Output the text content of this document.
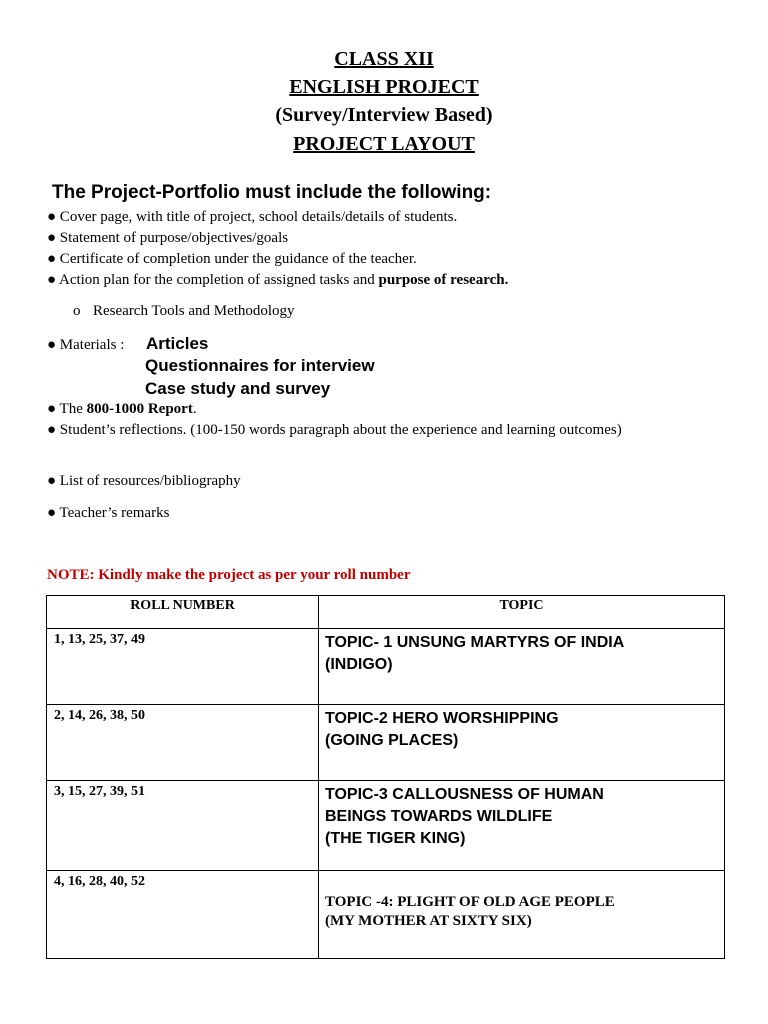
CLASS XII
ENGLISH PROJECT
(Survey/Interview Based)
PROJECT LAYOUT
The Project-Portfolio must include the following:
● Cover page, with title of project, school details/details of students.
● Statement of purpose/objectives/goals
● Certificate of completion under the guidance of the teacher.
● Action plan for the completion of assigned tasks and purpose of research.
o Research Tools and Methodology
● Materials : Articles
Questionnaires for interview
Case study and survey
● The 800-1000 Report.
● Student’s reflections. (100-150 words paragraph about the experience and learning outcomes)
● List of resources/bibliography
● Teacher’s remarks
NOTE: Kindly make the project as per your roll number
ROLL NUMBER	TOPIC
1, 13, 25, 37, 49	TOPIC- 1 UNSUNG MARTYRS OF INDIA
(INDIGO)

2, 14, 26, 38, 50	TOPIC-2 HERO WORSHIPPING
(GOING PLACES)

3, 15, 27, 39, 51	TOPIC-3 CALLOUSNESS OF HUMAN
BEINGS TOWARDS WILDLIFE
(THE TIGER KING)

4, 16, 28, 40, 52	TOPIC -4: PLIGHT OF OLD AGE PEOPLE
(MY MOTHER AT SIXTY SIX)
